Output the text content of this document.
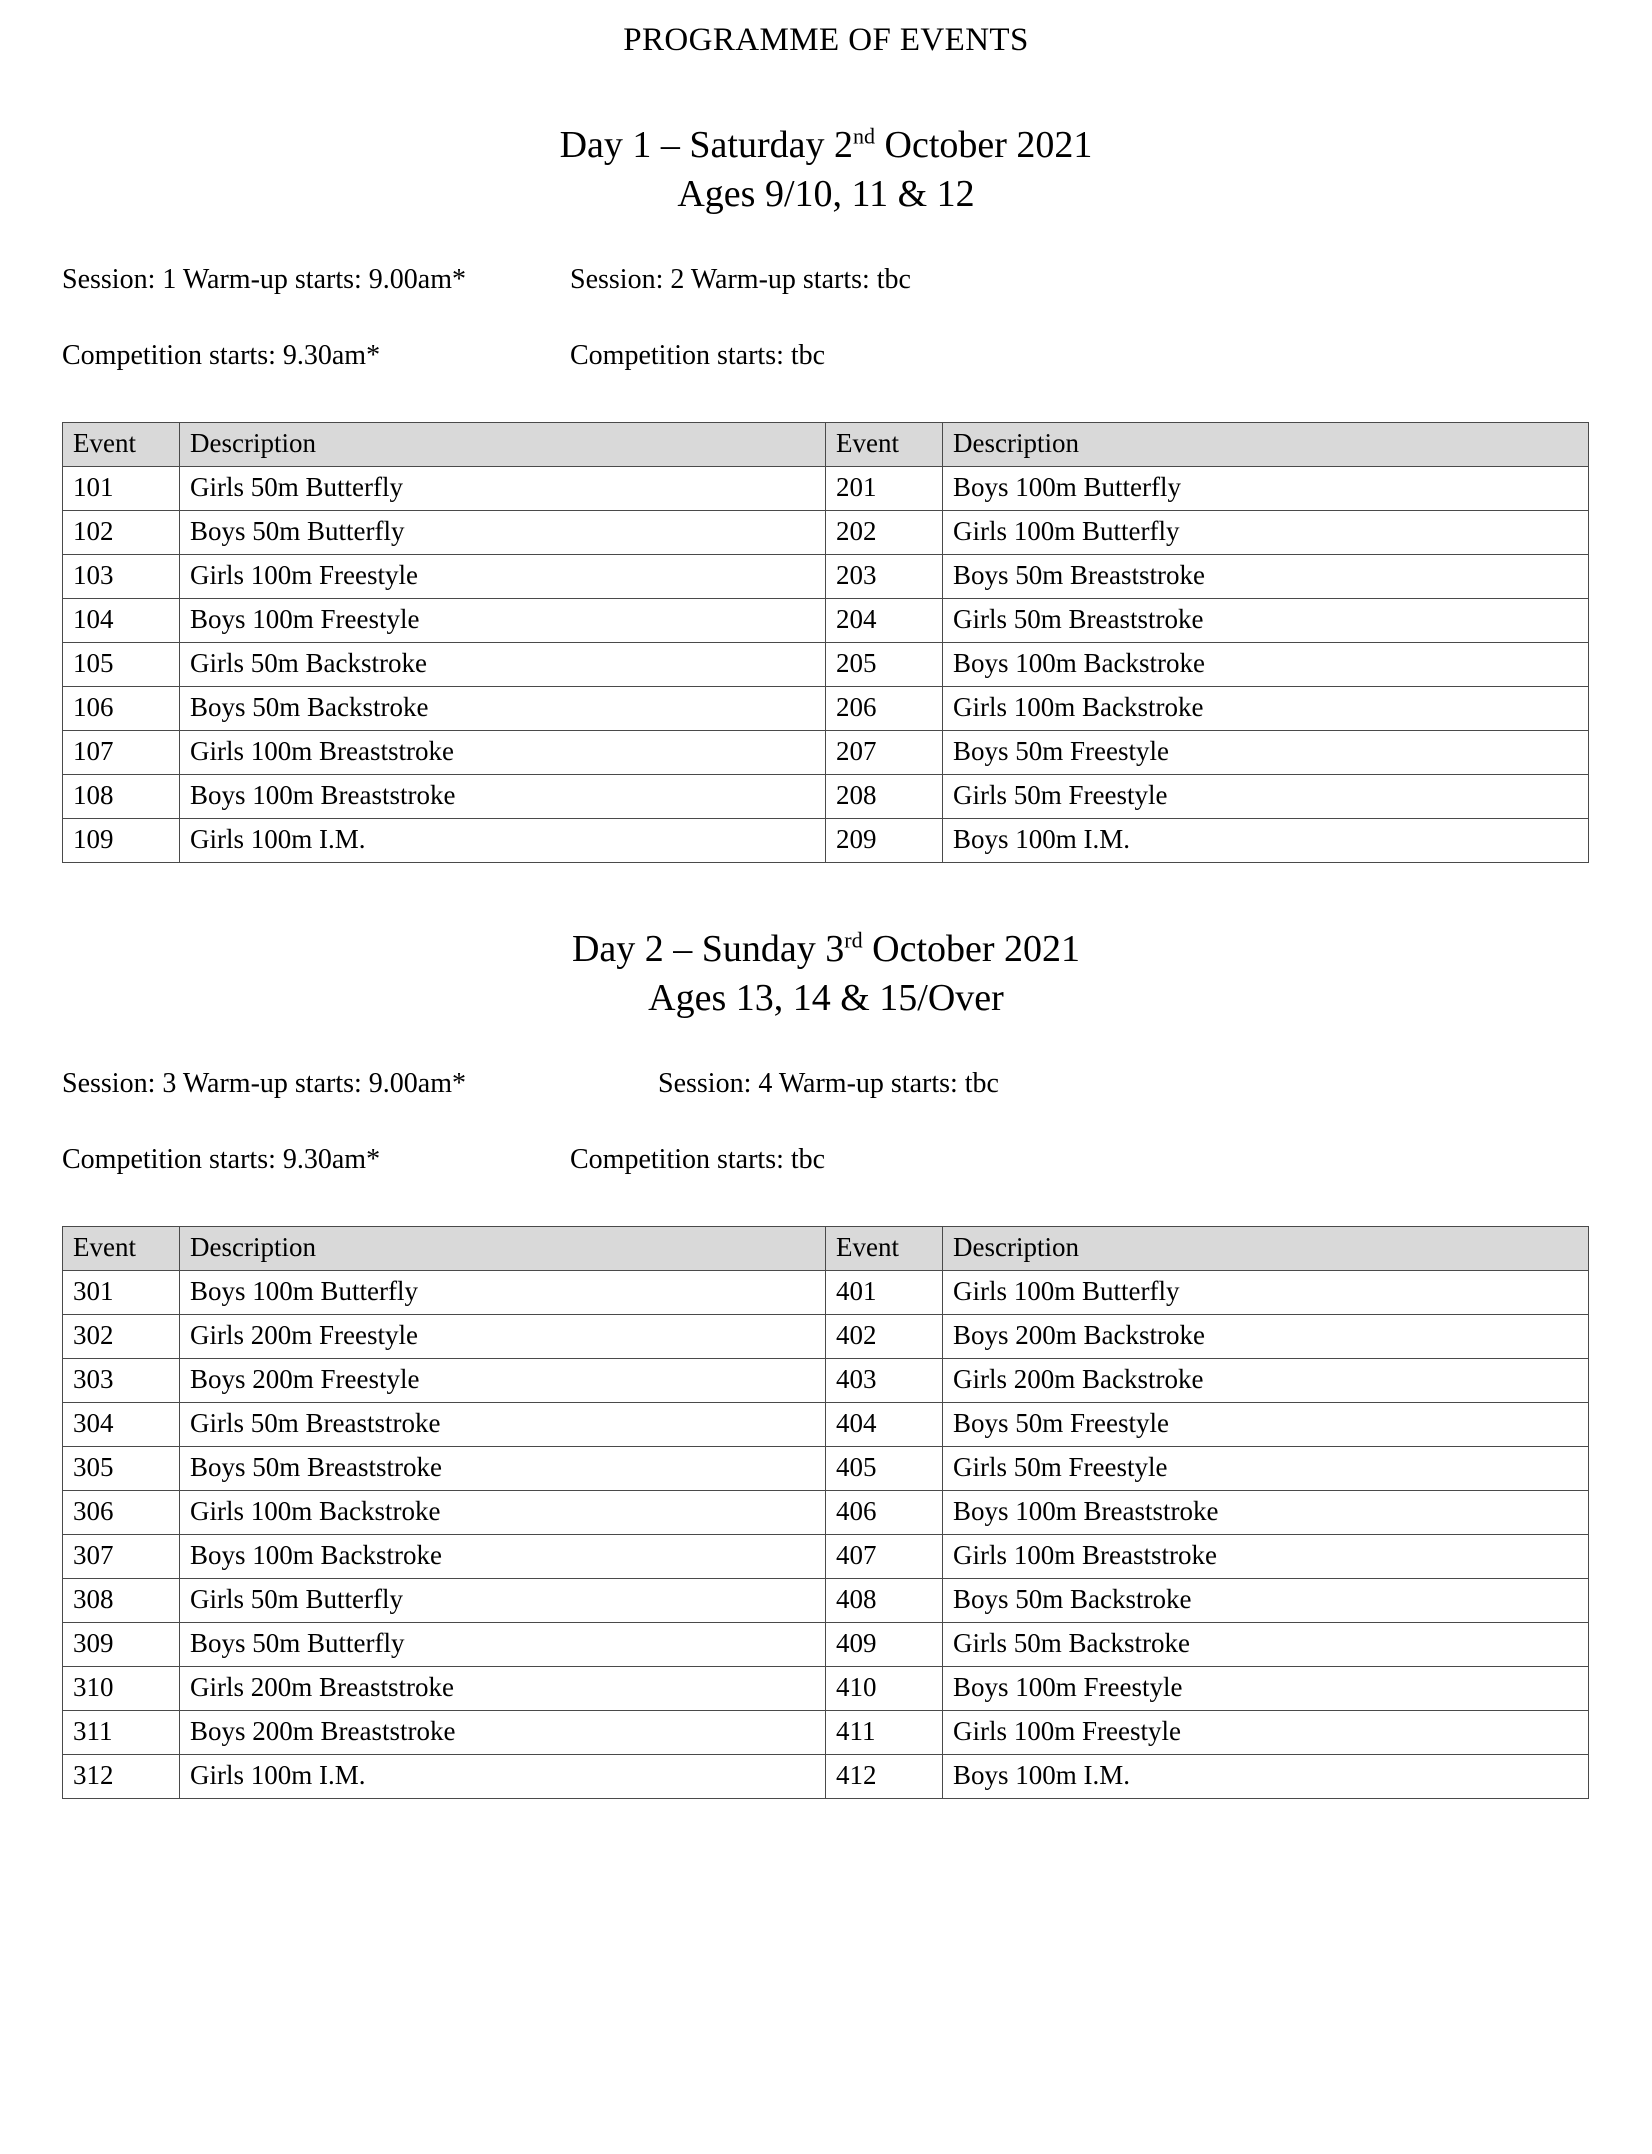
PROGRAMME OF EVENTS
Day 1 – Saturday 2nd October 2021
Ages 9/10, 11 & 12
Session: 1 Warm-up starts: 9.00am*	Session: 2 Warm-up starts: tbc
Competition starts: 9.30am*	Competition starts: tbc
Event	Description	Event	Description
101	Girls 50m Butterfly	201	Boys 100m Butterfly
102	Boys 50m Butterfly	202	Girls 100m Butterfly
103	Girls 100m Freestyle	203	Boys 50m Breaststroke
104	Boys 100m Freestyle	204	Girls 50m Breaststroke
105	Girls 50m Backstroke	205	Boys 100m Backstroke
106	Boys 50m Backstroke	206	Girls 100m Backstroke
107	Girls 100m Breaststroke	207	Boys 50m Freestyle
108	Boys 100m Breaststroke	208	Girls 50m Freestyle
109	Girls 100m I.M.	209	Boys 100m I.M.
Day 2 – Sunday 3rd October 2021
Ages 13, 14 & 15/Over
Session: 3 Warm-up starts: 9.00am*	Session: 4 Warm-up starts: tbc
Competition starts: 9.30am*	Competition starts: tbc
Event	Description	Event	Description
301	Boys 100m Butterfly	401	Girls 100m Butterfly
302	Girls 200m Freestyle	402	Boys 200m Backstroke
303	Boys 200m Freestyle	403	Girls 200m Backstroke
304	Girls 50m Breaststroke	404	Boys 50m Freestyle
305	Boys 50m Breaststroke	405	Girls 50m Freestyle
306	Girls 100m Backstroke	406	Boys 100m Breaststroke
307	Boys 100m Backstroke	407	Girls 100m Breaststroke
308	Girls 50m Butterfly	408	Boys 50m Backstroke
309	Boys 50m Butterfly	409	Girls 50m Backstroke
310	Girls 200m Breaststroke	410	Boys 100m Freestyle
311	Boys 200m Breaststroke	411	Girls 100m Freestyle
312	Girls 100m I.M.	412	Boys 100m I.M.
